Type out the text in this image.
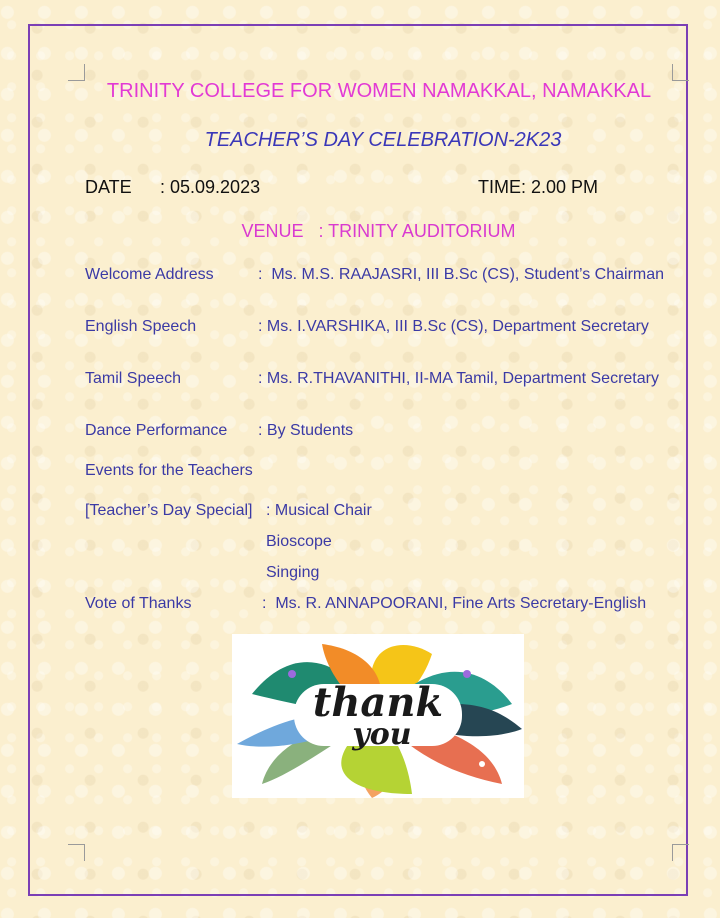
TRINITY COLLEGE FOR WOMEN NAMAKKAL, NAMAKKAL
TEACHER’S DAY CELEBRATION-2K23
DATE : 05.09.2023	TIME: 2.00 PM
VENUE   : TRINITY AUDITORIUM
Welcome Address	:  Ms. M.S. RAAJASRI, III B.Sc (CS), Student’s Chairman
English Speech	: Ms. I.VARSHIKA, III B.Sc (CS), Department Secretary
Tamil Speech	: Ms. R.THAVANITHI, II-MA Tamil, Department Secretary
Dance Performance : By Students
Events for the Teachers
[Teacher’s Day Special] : Musical Chair
Bioscope
Singing
Vote of Thanks	:  Ms. R. ANNAPOORANI, Fine Arts Secretary-English
thank
you
